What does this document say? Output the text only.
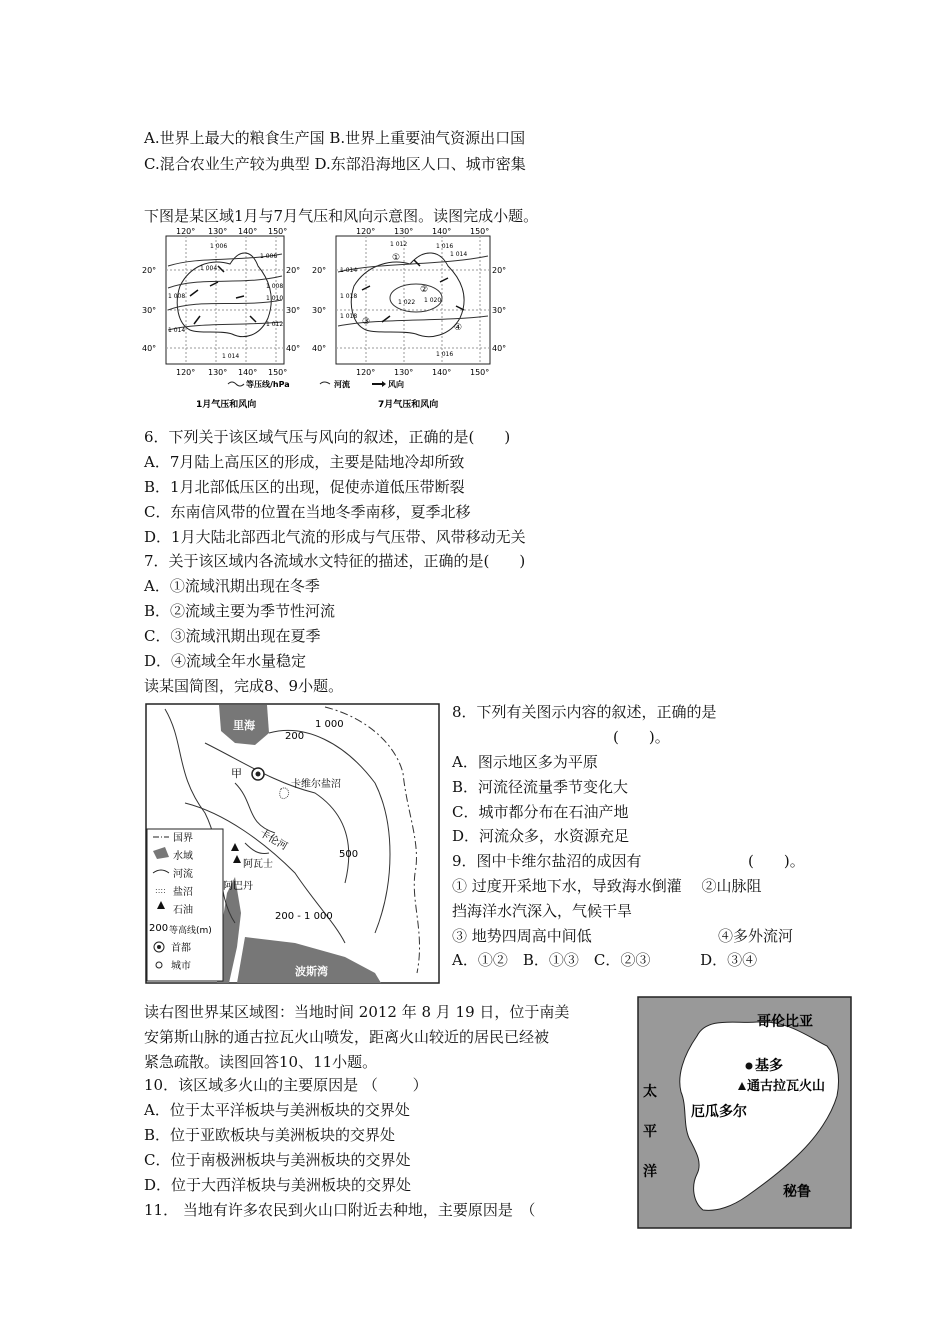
A.世界上最大的粮食生产国 B.世界上重要油气资源出口国
C.混合农业生产较为典型 D.东部沿海地区人口、城市密集
下图是某区域1月与7月气压和风向示意图。读图完成小题。
1 006
1 004
1 006
1 008
1 010
1 012
1 014
1 014
1 008
120° 130° 140° 150°
20°
30°
40°
120° 130° 140° 150°
20°
30°
40°
①
②
③
④
1 012
1 014
1 016
1 014
1 018
1 020
1 018
1 022
1 016
120° 130° 140° 150°
20°
30°
40°
20°
30°
40°
120° 130° 140° 150°
等压线/hPa	河流	风向
1月气压和风向	7月气压和风向
6．下列关于该区域气压与风向的叙述，正确的是(　　)
A．7月陆上高压区的形成，主要是陆地冷却所致
B．1月北部低压区的出现，促使赤道低压带断裂
C．东南信风带的位置在当地冬季南移，夏季北移
D．1月大陆北部西北气流的形成与气压带、风带移动无关
7．关于该区域内各流域水文特征的描述，正确的是(　　)
A．①流域汛期出现在冬季
B．②流域主要为季节性河流
C．③流域汛期出现在夏季
D．④流域全年水量稳定
读某国简图，完成8、9小题。
里海
波斯湾
甲
卡维尔盐沼
1 000
200
500
200 - 1 000
卡伦河
阿瓦士
阿巴丹
国界
水域
河流
:::: 盐沼
石油
200 等高线(m)
首都
城市
8．下列有关图示内容的叙述，正确的是
(　　)。
A．图示地区多为平原
B．河流径流量季节变化大
C．城市都分布在石油产地
D．河流众多，水资源充足
9．图中卡维尔盐沼的成因有	(　　)。
① 过度开采地下水，导致海水倒灌　 ②山脉阻
挡海洋水汽深入，气候干旱
③ 地势四周高中间低	④多外流河
A．①②　B．①③　C．②③　　　 D．③④
读右图世界某区域图：当地时间 2012 年 8 月 19 日，位于南美
安第斯山脉的通古拉瓦火山喷发，距离火山较近的居民已经被
紧急疏散。读图回答10、11小题。
10．该区域多火山的主要原因是 （　　 ）
A．位于太平洋板块与美洲板块的交界处
B．位于亚欧板块与美洲板块的交界处
C．位于南极洲板块与美洲板块的交界处
D．位于大西洋板块与美洲板块的交界处
11． 当地有许多农民到火山口附近去种地，主要原因是　（
哥伦比亚
基多
通古拉瓦火山
厄瓜多尔
秘鲁
太
平
洋
